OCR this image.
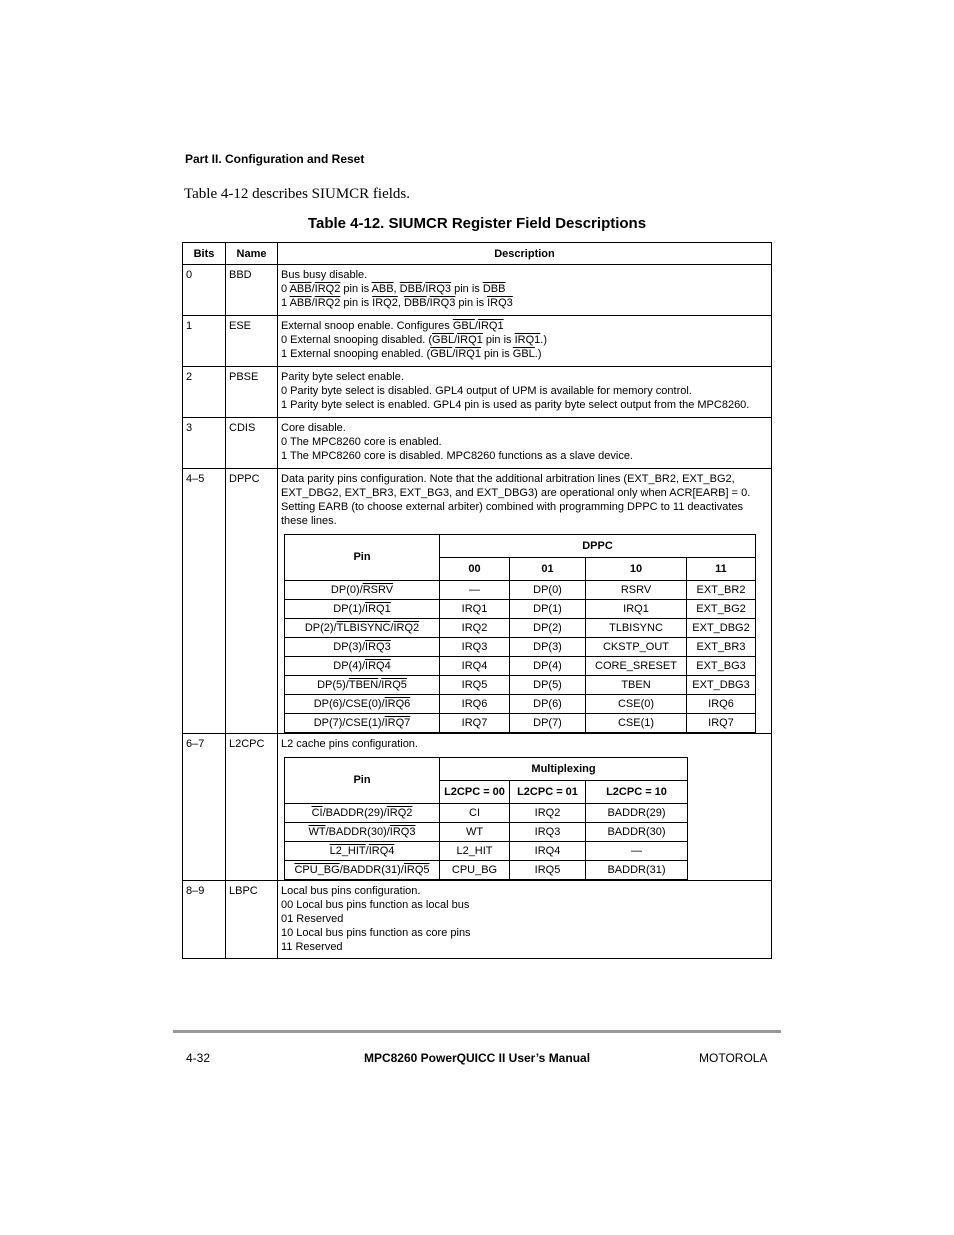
Part II. Configuration and Reset
Table 4-12 describes SIUMCR fields.
Table 4-12. SIUMCR Register Field Descriptions
Bits	Name	Description
0	BBD	Bus busy disable.
0 $\overline{ABB}/IRQ2$ pin is $\overline{ABB}$, $\overline{DBB}/IRQ3$ pin is $\overline{DBB}$
1 $\overline{ABB}/IRQ2$ pin is IRQ2, $\overline{DBB}/IRQ3$ pin is IRQ3

1	ESE	External snoop enable. Configures $\overline{GBL}/IRQ1$
0 External snooping disabled. ($\overline{GBL}/IRQ1$ pin is IRQ1.)
1 External snooping enabled. ($\overline{GBL}/IRQ1$ pin is $\overline{GBL}$.)

2	PBSE	Parity byte select enable.
0 Parity byte select is disabled. GPL4 output of UPM is available for memory control.
1 Parity byte select is enabled. GPL4 pin is used as parity byte select output from the MPC8260.

3	CDIS	Core disable.
0 The MPC8260 core is enabled.
1 The MPC8260 core is disabled. MPC8260 functions as a slave device.

4–5	DPPC	Data parity pins configuration. Note that the additional arbitration lines (EXT_BR2, EXT_BG2, EXT_DBG2, EXT_BR3, EXT_BG3, and EXT_DBG3) are operational only when ACR[EARB] = 0. Setting EARB (to choose external arbiter) combined with programming DPPC to 11 deactivates these lines.
Pin	DPPC
00	01	10	11
DP(0)/RSRV	—	DP(0)	RSRV	EXT_BR2
DP(1)/IRQ1	IRQ1	DP(1)	IRQ1	EXT_BG2
DP(2)/TLBISYNC/IRQ2	IRQ2	DP(2)	TLBISYNC	EXT_DBG2
DP(3)/IRQ3	IRQ3	DP(3)	CKSTP_OUT	EXT_BR3
DP(4)/IRQ4	IRQ4	DP(4)	CORE_SRESET	EXT_BG3
DP(5)/TBEN/IRQ5	IRQ5	DP(5)	TBEN	EXT_DBG3
DP(6)/CSE(0)/IRQ6	IRQ6	DP(6)	CSE(0)	IRQ6
DP(7)/CSE(1)/IRQ7	IRQ7	DP(7)	CSE(1)	IRQ7

6–7	L2CPC	L2 cache pins configuration.
Pin	Multiplexing
L2CPC = 00	L2CPC = 01	L2CPC = 10
$\overline{CI}/BADDR(29)/IRQ2$	CI	IRQ2	BADDR(29)
$\overline{WT}/BADDR(30)/IRQ3$	WT	IRQ3	BADDR(30)
L2_HIT/IRQ4	L2_HIT	IRQ4	—
CPU_BG/BADDR(31)/IRQ5	CPU_BG	IRQ5	BADDR(31)

8–9	LBPC	Local bus pins configuration.
00 Local bus pins function as local bus
01 Reserved
10 Local bus pins function as core pins
11 Reserved
4-32	MPC8260 PowerQUICC II User’s Manual	MOTOROLA
